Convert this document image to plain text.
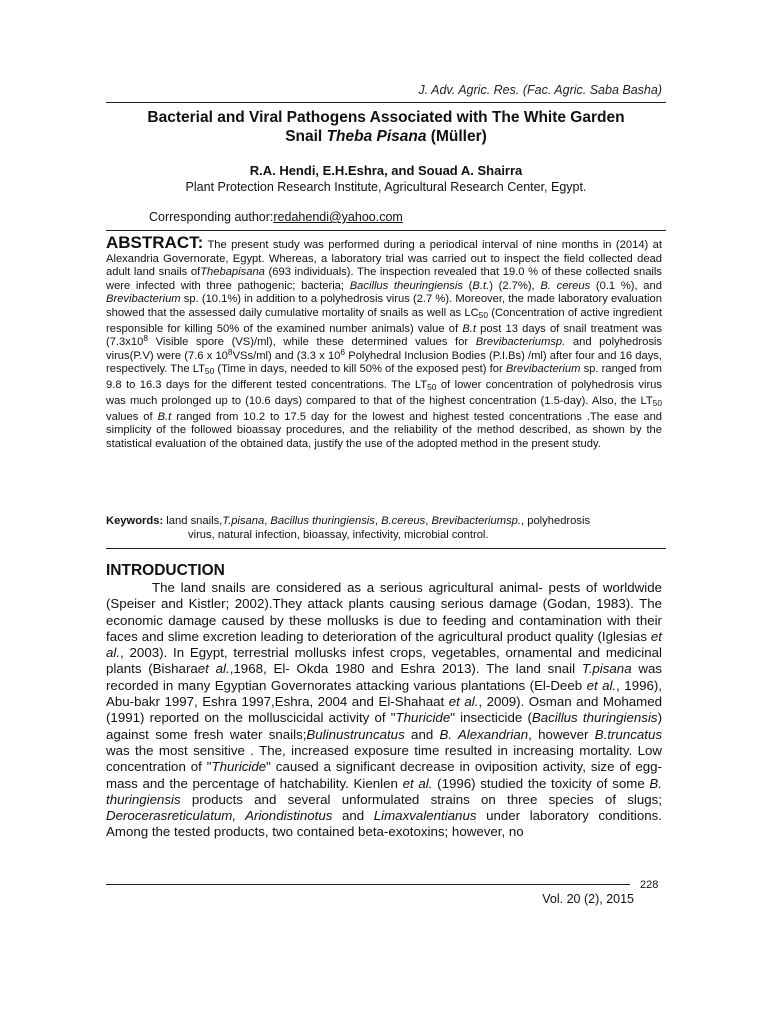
J. Adv. Agric. Res. (Fac. Agric. Saba Basha)
Bacterial and Viral Pathogens Associated with The White Garden
Snail Theba Pisana (Müller)
R.A. Hendi, E.H.Eshra, and Souad A. Shairra
Plant Protection Research Institute, Agricultural Research Center, Egypt.
Corresponding author:redahendi@yahoo.com
ABSTRACT: The present study was performed during a periodical interval of nine months in (2014) at Alexandria Governorate, Egypt. Whereas, a laboratory trial was carried out to inspect the field collected dead adult land snails ofThebapisana (693 individuals). The inspection revealed that 19.0 % of these collected snails were infected with three pathogenic; bacteria; Bacillus theuringiensis (B.t.) (2.7%), B. cereus (0.1 %), and Brevibacterium sp. (10.1%) in addition to a polyhedrosis virus (2.7 %). Moreover, the made laboratory evaluation showed that the assessed daily cumulative mortality of snails as well as $LC_{50}$ (Concentration of active ingredient responsible for killing 50% of the examined number animals) value of B.t post 13 days of snail treatment was ($7.3x10^8$ Visible spore (VS)/ml), while these determined values for Brevibacteriumsp. and polyhedrosis virus(P.V) were (7.6 x $10^8VSs/ml$) and (3.3 x $10^6$ Polyhedral Inclusion Bodies (P.I.Bs) /ml) after four and 16 days, respectively. The $LT_{50}$ (Time in days, needed to kill 50% of the exposed pest) for Brevibacterium sp. ranged from 9.8 to 16.3 days for the different tested concentrations. The $LT_{50}$ of lower concentration of polyhedrosis virus was much prolonged up to (10.6 days) compared to that of the highest concentration (1.5-day). Also, the $LT_{50}$ values of B.t ranged from 10.2 to 17.5 day for the lowest and highest tested concentrations .The ease and simplicity of the followed bioassay procedures, and the reliability of the method described, as shown by the statistical evaluation of the obtained data, justify the use of the adopted method in the present study.
Keywords: land snails,T.pisana, Bacillus thuringiensis, B.cereus, Brevibacteriumsp., polyhedrosis
virus, natural infection, bioassay, infectivity, microbial control.
INTRODUCTION
The land snails are considered as a serious agricultural animal- pests of worldwide (Speiser and Kistler; 2002).They attack plants causing serious damage (Godan, 1983). The economic damage caused by these mollusks is due to feeding and contamination with their faces and slime excretion leading to deterioration of the agricultural product quality (Iglesias et al., 2003). In Egypt, terrestrial mollusks infest crops, vegetables, ornamental and medicinal plants (Bisharaet al.,1968, El- Okda 1980 and Eshra 2013). The land snail T.pisana was recorded in many Egyptian Governorates attacking various plantations (El-Deeb et al., 1996), Abu-bakr 1997, Eshra 1997,Eshra, 2004 and El-Shahaat et al., 2009). Osman and Mohamed (1991) reported on the molluscicidal activity of "Thuricide" insecticide (Bacillus thuringiensis) against some fresh water snails;Bulinustruncatus and B. Alexandrian, however B.truncatus was the most sensitive . The, increased exposure time resulted in increasing mortality. Low concentration of "Thuricide" caused a significant decrease in oviposition activity, size of egg-mass and the percentage of hatchability. Kienlen et al. (1996) studied the toxicity of some B. thuringiensis products and several unformulated strains on three species of slugs; Derocerasreticulatum, Ariondistinotus and Limaxvalentianus under laboratory conditions. Among the tested products, two contained beta-exotoxins; however, no
228
Vol. 20 (2), 2015
